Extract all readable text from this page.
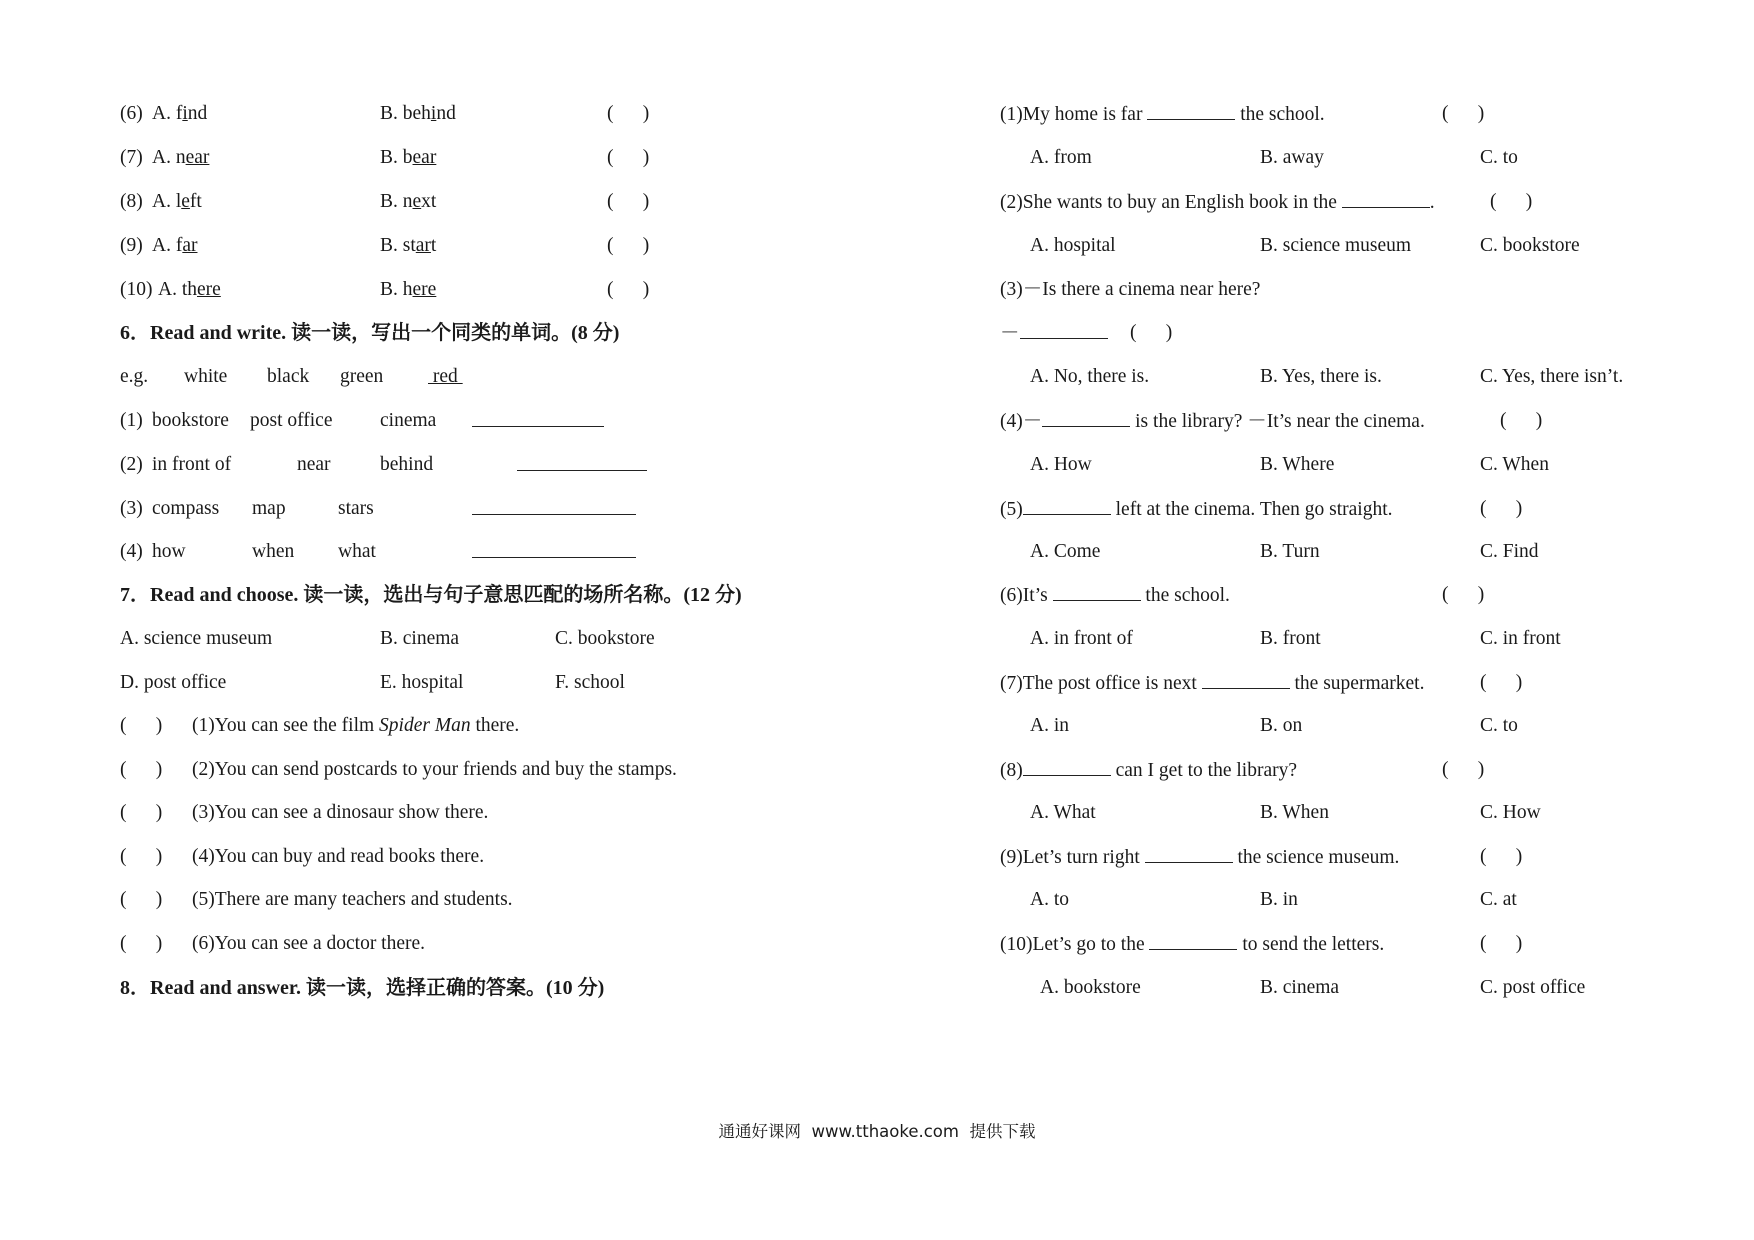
(6) A. find	B. behind	(      )
(7) A. near	B. bear	(      )
(8) A. left	B. next	(      )
(9) A. far	B. start	(      )
(10) A. there	B. here	(      )
6．Read and write. 读一读，写出一个同类的单词。(8 分)
e.g. white black green red
(1) bookstore post office cinema
(2) in front of	near	behind
(3) compass map	stars
(4) how	when what
7．Read and choose. 读一读，选出与句子意思匹配的场所名称。(12 分)
A. science museum	B. cinema	C. bookstore
D. post office	E. hospital	F. school
(      ) (1)You can see the film Spider Man there.
(      ) (2)You can send postcards to your friends and buy the stamps.
(      ) (3)You can see a dinosaur show there.
(      ) (4)You can buy and read books there.
(      ) (5)There are many teachers and students.
(      ) (6)You can see a doctor there.
8．Read and answer. 读一读，选择正确的答案。(10 分)
(1)My home is far	the school.	(      )
A. from	B. away	C. to
(2)She wants to buy an English book in the	.	(      )
A. hospital	B. science museum	C. bookstore
(3)－Is there a cinema near here?
－	(      )
A. No, there is.	B. Yes, there is.	C. Yes, there isn’t.
(4)－	is the library? －It’s near the cinema.	(      )
A. How	B. Where	C. When
(5)	left at the cinema. Then go straight.	(      )
A. Come	B. Turn	C. Find
(6)It’s	the school.	(      )
A. in front of	B. front	C. in front
(7)The post office is next	the supermarket.	(      )
A. in	B. on	C. to
(8)	can I get to the library?	(      )
A. What	B. When	C. How
(9)Let’s turn right	the science museum.	(      )
A. to	B. in	C. at
(10)Let’s go to the	to send the letters.	(      )
A. bookstore	B. cinema	C. post office
通通好课网  www.tthaoke.com  提供下载
